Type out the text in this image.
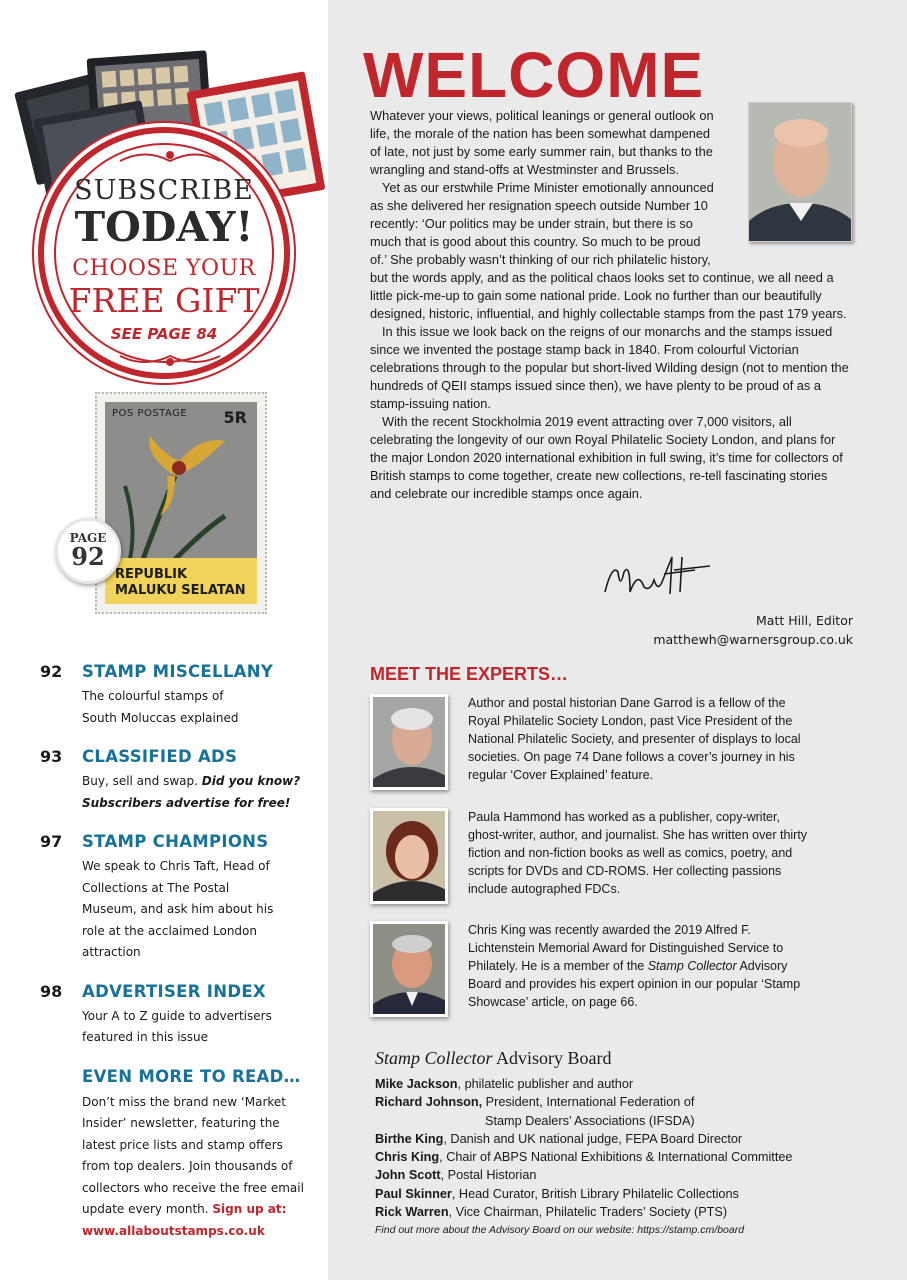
SUBSCRIBE
TODAY!
CHOOSE YOUR
FREE GIFT
SEE PAGE 84
POS POSTAGE 5R
REPUBLIK
MALUKU SELATAN
PAGE
92
92 STAMP MISCELLANY
The colourful stamps of South Moluccas explained
93 CLASSIFIED ADS
Buy, sell and swap. Did you know? Subscribers advertise for free!
97 STAMP CHAMPIONS
We speak to Chris Taft, Head of Collections at The Postal Museum, and ask him about his role at the acclaimed London attraction
98 ADVERTISER INDEX
Your A to Z guide to advertisers featured in this issue
EVEN MORE TO READ…
Don’t miss the brand new ‘Market Insider’ newsletter, featuring the latest price lists and stamp offers from top dealers. Join thousands of collectors who receive the free email update every month. Sign up at: www.allaboutstamps.co.uk
WELCOME

Whatever your views, political leanings or general outlook on life, the morale of the nation has been somewhat dampened of late, not just by some early summer rain, but thanks to the wrangling and stand-offs at Westminster and Brussels.

Yet as our erstwhile Prime Minister emotionally announced as she delivered her resignation speech outside Number 10 recently: ‘Our politics may be under strain, but there is so much that is good about this country. So much to be proud of.’ She probably wasn’t thinking of our rich philatelic history, but the words apply, and as the political chaos looks set to continue, we all need a little pick-me-up to gain some national pride. Look no further than our beautifully designed, historic, influential, and highly collectable stamps from the past 179 years.

In this issue we look back on the reigns of our monarchs and the stamps issued since we invented the postage stamp back in 1840. From colourful Victorian celebrations through to the popular but short-lived Wilding design (not to mention the hundreds of QEII stamps issued since then), we have plenty to be proud of as a stamp-issuing nation.

With the recent Stockholmia 2019 event attracting over 7,000 visitors, all celebrating the longevity of our own Royal Philatelic Society London, and plans for the major London 2020 international exhibition in full swing, it’s time for collectors of British stamps to come together, create new collections, re-tell fascinating stories and celebrate our incredible stamps once again.

Matt Hill, Editor
matthewh@warnersgroup.co.uk
MEET THE EXPERTS…
Author and postal historian Dane Garrod is a fellow of the Royal Philatelic Society London, past Vice President of the National Philatelic Society, and presenter of displays to local societies. On page 74 Dane follows a cover’s journey in his regular ‘Cover Explained’ feature.
Paula Hammond has worked as a publisher, copy-writer, ghost-writer, author, and journalist. She has written over thirty fiction and non-fiction books as well as comics, poetry, and scripts for DVDs and CD-ROMS. Her collecting passions include autographed FDCs.
Chris King was recently awarded the 2019 Alfred F. Lichtenstein Memorial Award for Distinguished Service to Philately. He is a member of the Stamp Collector Advisory Board and provides his expert opinion in our popular ‘Stamp Showcase’ article, on page 66.
Stamp Collector Advisory Board
Mike Jackson, philatelic publisher and author
Richard Johnson, President, International Federation of
Stamp Dealers’ Associations (IFSDA)
Birthe King, Danish and UK national judge, FEPA Board Director
Chris King, Chair of ABPS National Exhibitions & International Committee
John Scott, Postal Historian
Paul Skinner, Head Curator, British Library Philatelic Collections
Rick Warren, Vice Chairman, Philatelic Traders’ Society (PTS)
Find out more about the Advisory Board on our website: https://stamp.cm/board
